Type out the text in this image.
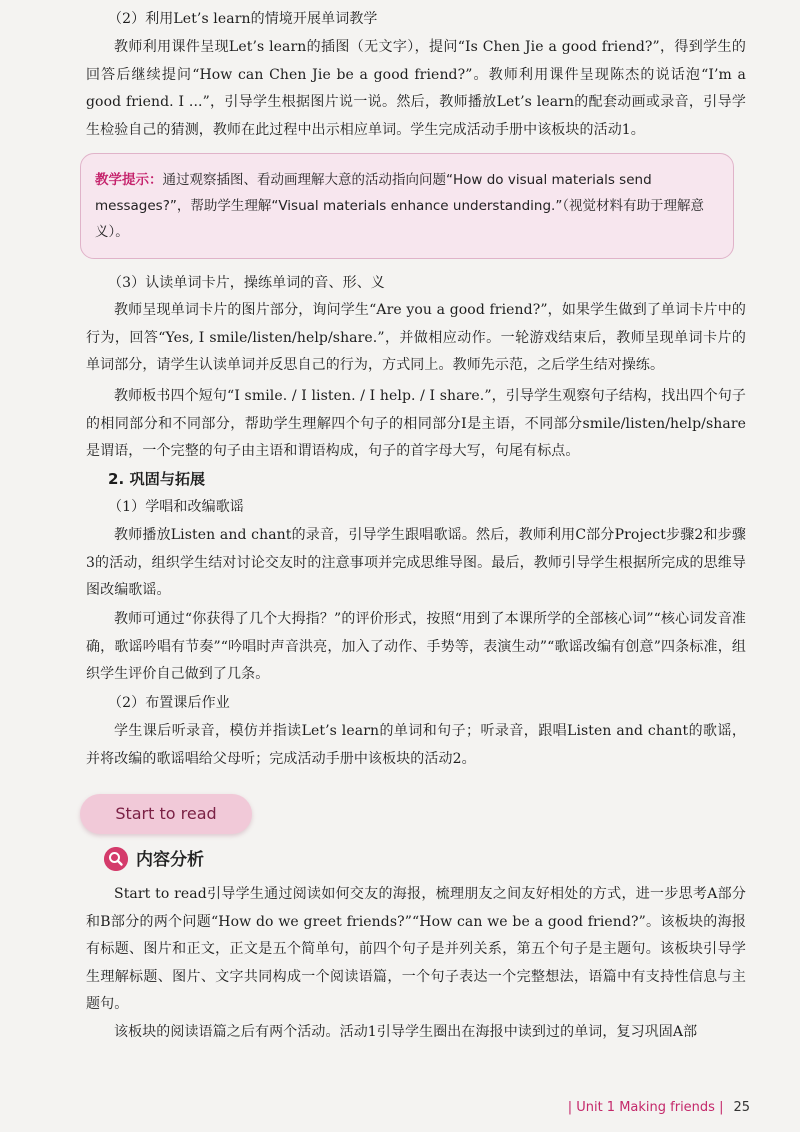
（2）利用Let’s learn的情境开展单词教学

教师利用课件呈现Let’s learn的插图（无文字），提问“Is Chen Jie a good friend?”，得到学生的回答后继续提问“How can Chen Jie be a good friend?”。教师利用课件呈现陈杰的说话泡“I’m a good friend. I ...”，引导学生根据图片说一说。然后，教师播放Let’s learn的配套动画或录音，引导学生检验自己的猜测，教师在此过程中出示相应单词。学生完成活动手册中该板块的活动1。

教学提示：通过观察插图、看动画理解大意的活动指向问题“How do visual materials send messages?”，帮助学生理解“Visual materials enhance understanding.”（视觉材料有助于理解意义）。

（3）认读单词卡片，操练单词的音、形、义

教师呈现单词卡片的图片部分，询问学生“Are you a good friend?”，如果学生做到了单词卡片中的行为，回答“Yes, I smile/listen/help/share.”，并做相应动作。一轮游戏结束后，教师呈现单词卡片的单词部分，请学生认读单词并反思自己的行为，方式同上。教师先示范，之后学生结对操练。

教师板书四个短句“I smile. / I listen. / I help. / I share.”，引导学生观察句子结构，找出四个句子的相同部分和不同部分，帮助学生理解四个句子的相同部分I是主语，不同部分smile/listen/help/share是谓语，一个完整的句子由主语和谓语构成，句子的首字母大写，句尾有标点。

2. 巩固与拓展

（1）学唱和改编歌谣

教师播放Listen and chant的录音，引导学生跟唱歌谣。然后，教师利用C部分Project步骤2和步骤3的活动，组织学生结对讨论交友时的注意事项并完成思维导图。最后，教师引导学生根据所完成的思维导图改编歌谣。

教师可通过“你获得了几个大拇指？”的评价形式，按照“用到了本课所学的全部核心词”“核心词发音准确，歌谣吟唱有节奏”“吟唱时声音洪亮，加入了动作、手势等，表演生动”“歌谣改编有创意”四条标准，组织学生评价自己做到了几条。

（2）布置课后作业

学生课后听录音，模仿并指读Let’s learn的单词和句子；听录音，跟唱Listen and chant的歌谣，并将改编的歌谣唱给父母听；完成活动手册中该板块的活动2。

Start to read
内容分析

Start to read引导学生通过阅读如何交友的海报，梳理朋友之间友好相处的方式，进一步思考A部分和B部分的两个问题“How do we greet friends?”“How can we be a good friend?”。该板块的海报有标题、图片和正文，正文是五个简单句，前四个句子是并列关系，第五个句子是主题句。该板块引导学生理解标题、图片、文字共同构成一个阅读语篇，一个句子表达一个完整想法，语篇中有支持性信息与主题句。

该板块的阅读语篇之后有两个活动。活动1引导学生圈出在海报中读到过的单词，复习巩固A部

| Unit 1 Making friends | 25
